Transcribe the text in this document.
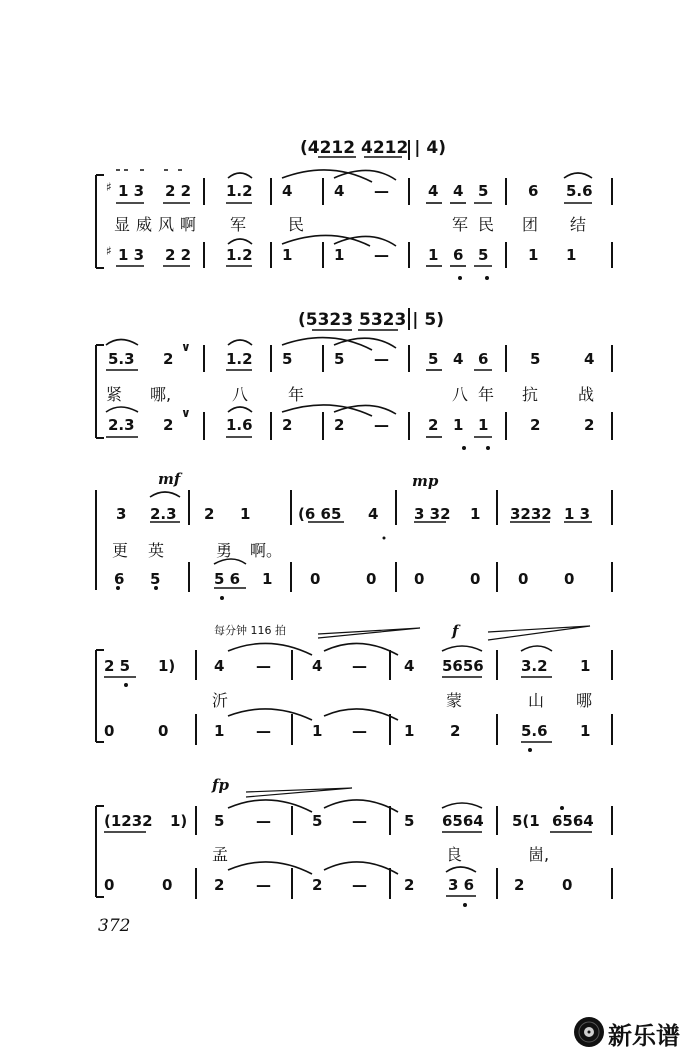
(4212 4212 | 4)
♯ 1 3 2 2 1.2 4	4 —	4 4 5	6 5.6
显 威 风 啊 军	民	军 民 团 结
♯ 1 3 2 2 1.2 1	1 —	1 6 5	1 1
(5323 5323 | 5)
5.3 2
∨
1.2 5	5 —	5 4 6	5	4
紧 哪,	八 年	八 年 抗 战
2.3 2
∨
1.6 2	2 —	2 1 1	2	2
mf	mp
3 2.3 2 1	(6 65 4 3 32 1 3232 1 3
更 英	勇 啊。
6 5	5 6 1	0	0	0	0	0 0
每分钟 116 拍	f
2 5 1)	4 —	4 — 4 5656 3.2 1
沂	蒙	山 哪
0	0	1 —	1 — 1 2	5.6 1
fp
(1232 1) 5 —	5 — 5 6564 5(1 6564
孟	良	崮,
0	0	2 —	2 — 2 3 6	2	0
372
新乐谱
